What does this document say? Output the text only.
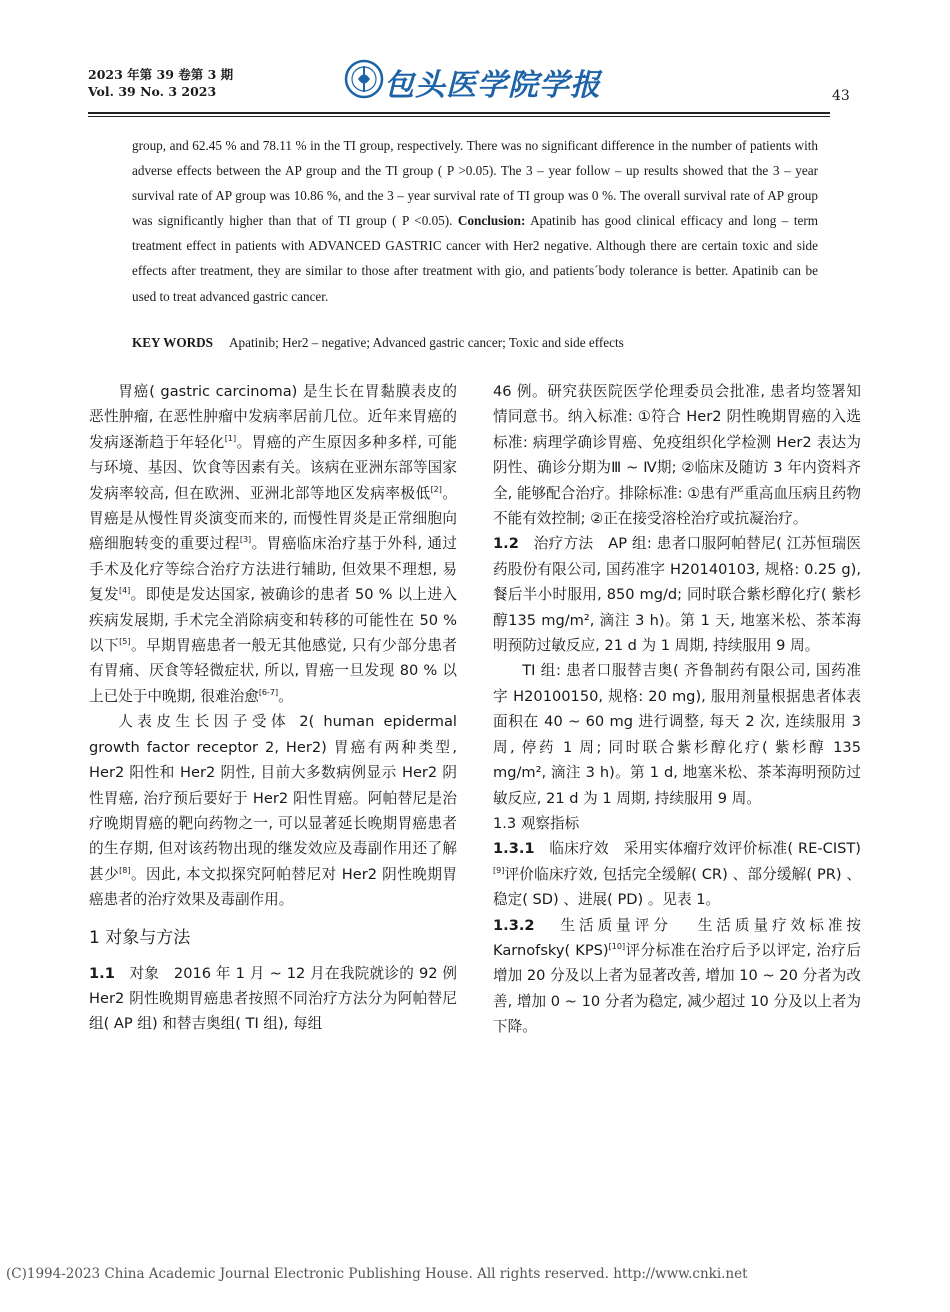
2023 年第 39 卷第 3 期
Vol. 39 No. 3 2023	包头医学院学报	43

group, and 62.45 % and 78.11 % in the TI group, respectively. There was no significant difference in the number of patients with adverse effects between the AP group and the TI group ( P >0.05). The 3 – year follow – up results showed that the 3 – year survival rate of AP group was 10.86 %, and the 3 – year survival rate of TI group was 0 %. The overall survival rate of AP group was significantly higher than that of TI group ( P <0.05). Conclusion: Apatinib has good clinical efficacy and long – term treatment effect in patients with ADVANCED GASTRIC cancer with Her2 negative. Although there are certain toxic and side effects after treatment, they are similar to those after treatment with gio, and patients´body tolerance is better. Apatinib can be used to treat advanced gastric cancer.

KEY WORDS Apatinib; Her2 – negative; Advanced gastric cancer; Toxic and side effects

胃癌( gastric carcinoma) 是生长在胃黏膜表皮的恶性肿瘤, 在恶性肿瘤中发病率居前几位。近年来胃癌的发病逐渐趋于年轻化[1]。胃癌的产生原因多种多样, 可能与环境、基因、饮食等因素有关。该病在亚洲东部等国家发病率较高, 但在欧洲、亚洲北部等地区发病率极低[2]。胃癌是从慢性胃炎演变而来的, 而慢性胃炎是正常细胞向癌细胞转变的重要过程[3]。胃癌临床治疗基于外科, 通过手术及化疗等综合治疗方法进行辅助, 但效果不理想, 易复发[4]。即使是发达国家, 被确诊的患者 50 % 以上进入疾病发展期, 手术完全消除病变和转移的可能性在 50 % 以下[5]。早期胃癌患者一般无其他感觉, 只有少部分患者有胃痛、厌食等轻微症状, 所以, 胃癌一旦发现 80 % 以上已处于中晚期, 很难治愈[6-7]。

人表皮生长因子受体 2( human epidermal growth factor receptor 2, Her2) 胃癌有两种类型, Her2 阳性和 Her2 阴性, 目前大多数病例显示 Her2 阴性胃癌, 治疗预后要好于 Her2 阳性胃癌。阿帕替尼是治疗晚期胃癌的靶向药物之一, 可以显著延长晚期胃癌患者的生存期, 但对该药物出现的继发效应及毒副作用还了解甚少[8]。因此, 本文拟探究阿帕替尼对 Her2 阴性晚期胃癌患者的治疗效果及毒副作用。

1 对象与方法

1.1 对象 2016 年 1 月 ~ 12 月在我院就诊的 92 例Her2 阴性晚期胃癌患者按照不同治疗方法分为阿帕替尼组( AP 组) 和替吉奥组( TI 组), 每组

46 例。研究获医院医学伦理委员会批准, 患者均签署知情同意书。纳入标准: ①符合 Her2 阴性晚期胃癌的入选标准: 病理学确诊胃癌、免疫组织化学检测 Her2 表达为阴性、确诊分期为Ⅲ ~ Ⅳ期; ②临床及随访 3 年内资料齐全, 能够配合治疗。排除标准: ①患有严重高血压病且药物不能有效控制; ②正在接受溶栓治疗或抗凝治疗。

1.2 治疗方法 AP 组: 患者口服阿帕替尼( 江苏恒瑞医药股份有限公司, 国药准字 H20140103, 规格: 0.25 g), 餐后半小时服用, 850 mg/d; 同时联合紫杉醇化疗( 紫杉醇135 mg/m², 滴注 3 h)。第 1 天, 地塞米松、茶苯海明预防过敏反应, 21 d 为 1 周期, 持续服用 9 周。

TI 组: 患者口服替吉奥( 齐鲁制药有限公司, 国药准字 H20100150, 规格: 20 mg), 服用剂量根据患者体表面积在 40 ~ 60 mg 进行调整, 每天 2 次, 连续服用 3 周, 停药 1 周; 同时联合紫杉醇化疗( 紫杉醇 135 mg/m², 滴注 3 h)。第 1 d, 地塞米松、茶苯海明预防过敏反应, 21 d 为 1 周期, 持续服用 9 周。

1.3 观察指标

1.3.1 临床疗效 采用实体瘤疗效评价标准( RE-CIST)[9]评价临床疗效, 包括完全缓解( CR) 、部分缓解( PR) 、稳定( SD) 、进展( PD) 。见表 1。

1.3.2 生活质量评分 生活质量疗效标准按 Karnofsky( KPS)[10]评分标准在治疗后予以评定, 治疗后增加 20 分及以上者为显著改善, 增加 10 ~ 20 分者为改善, 增加 0 ~ 10 分者为稳定, 减少超过 10 分及以上者为下降。

(C)1994-2023 China Academic Journal Electronic Publishing House. All rights reserved. http://www.cnki.net
